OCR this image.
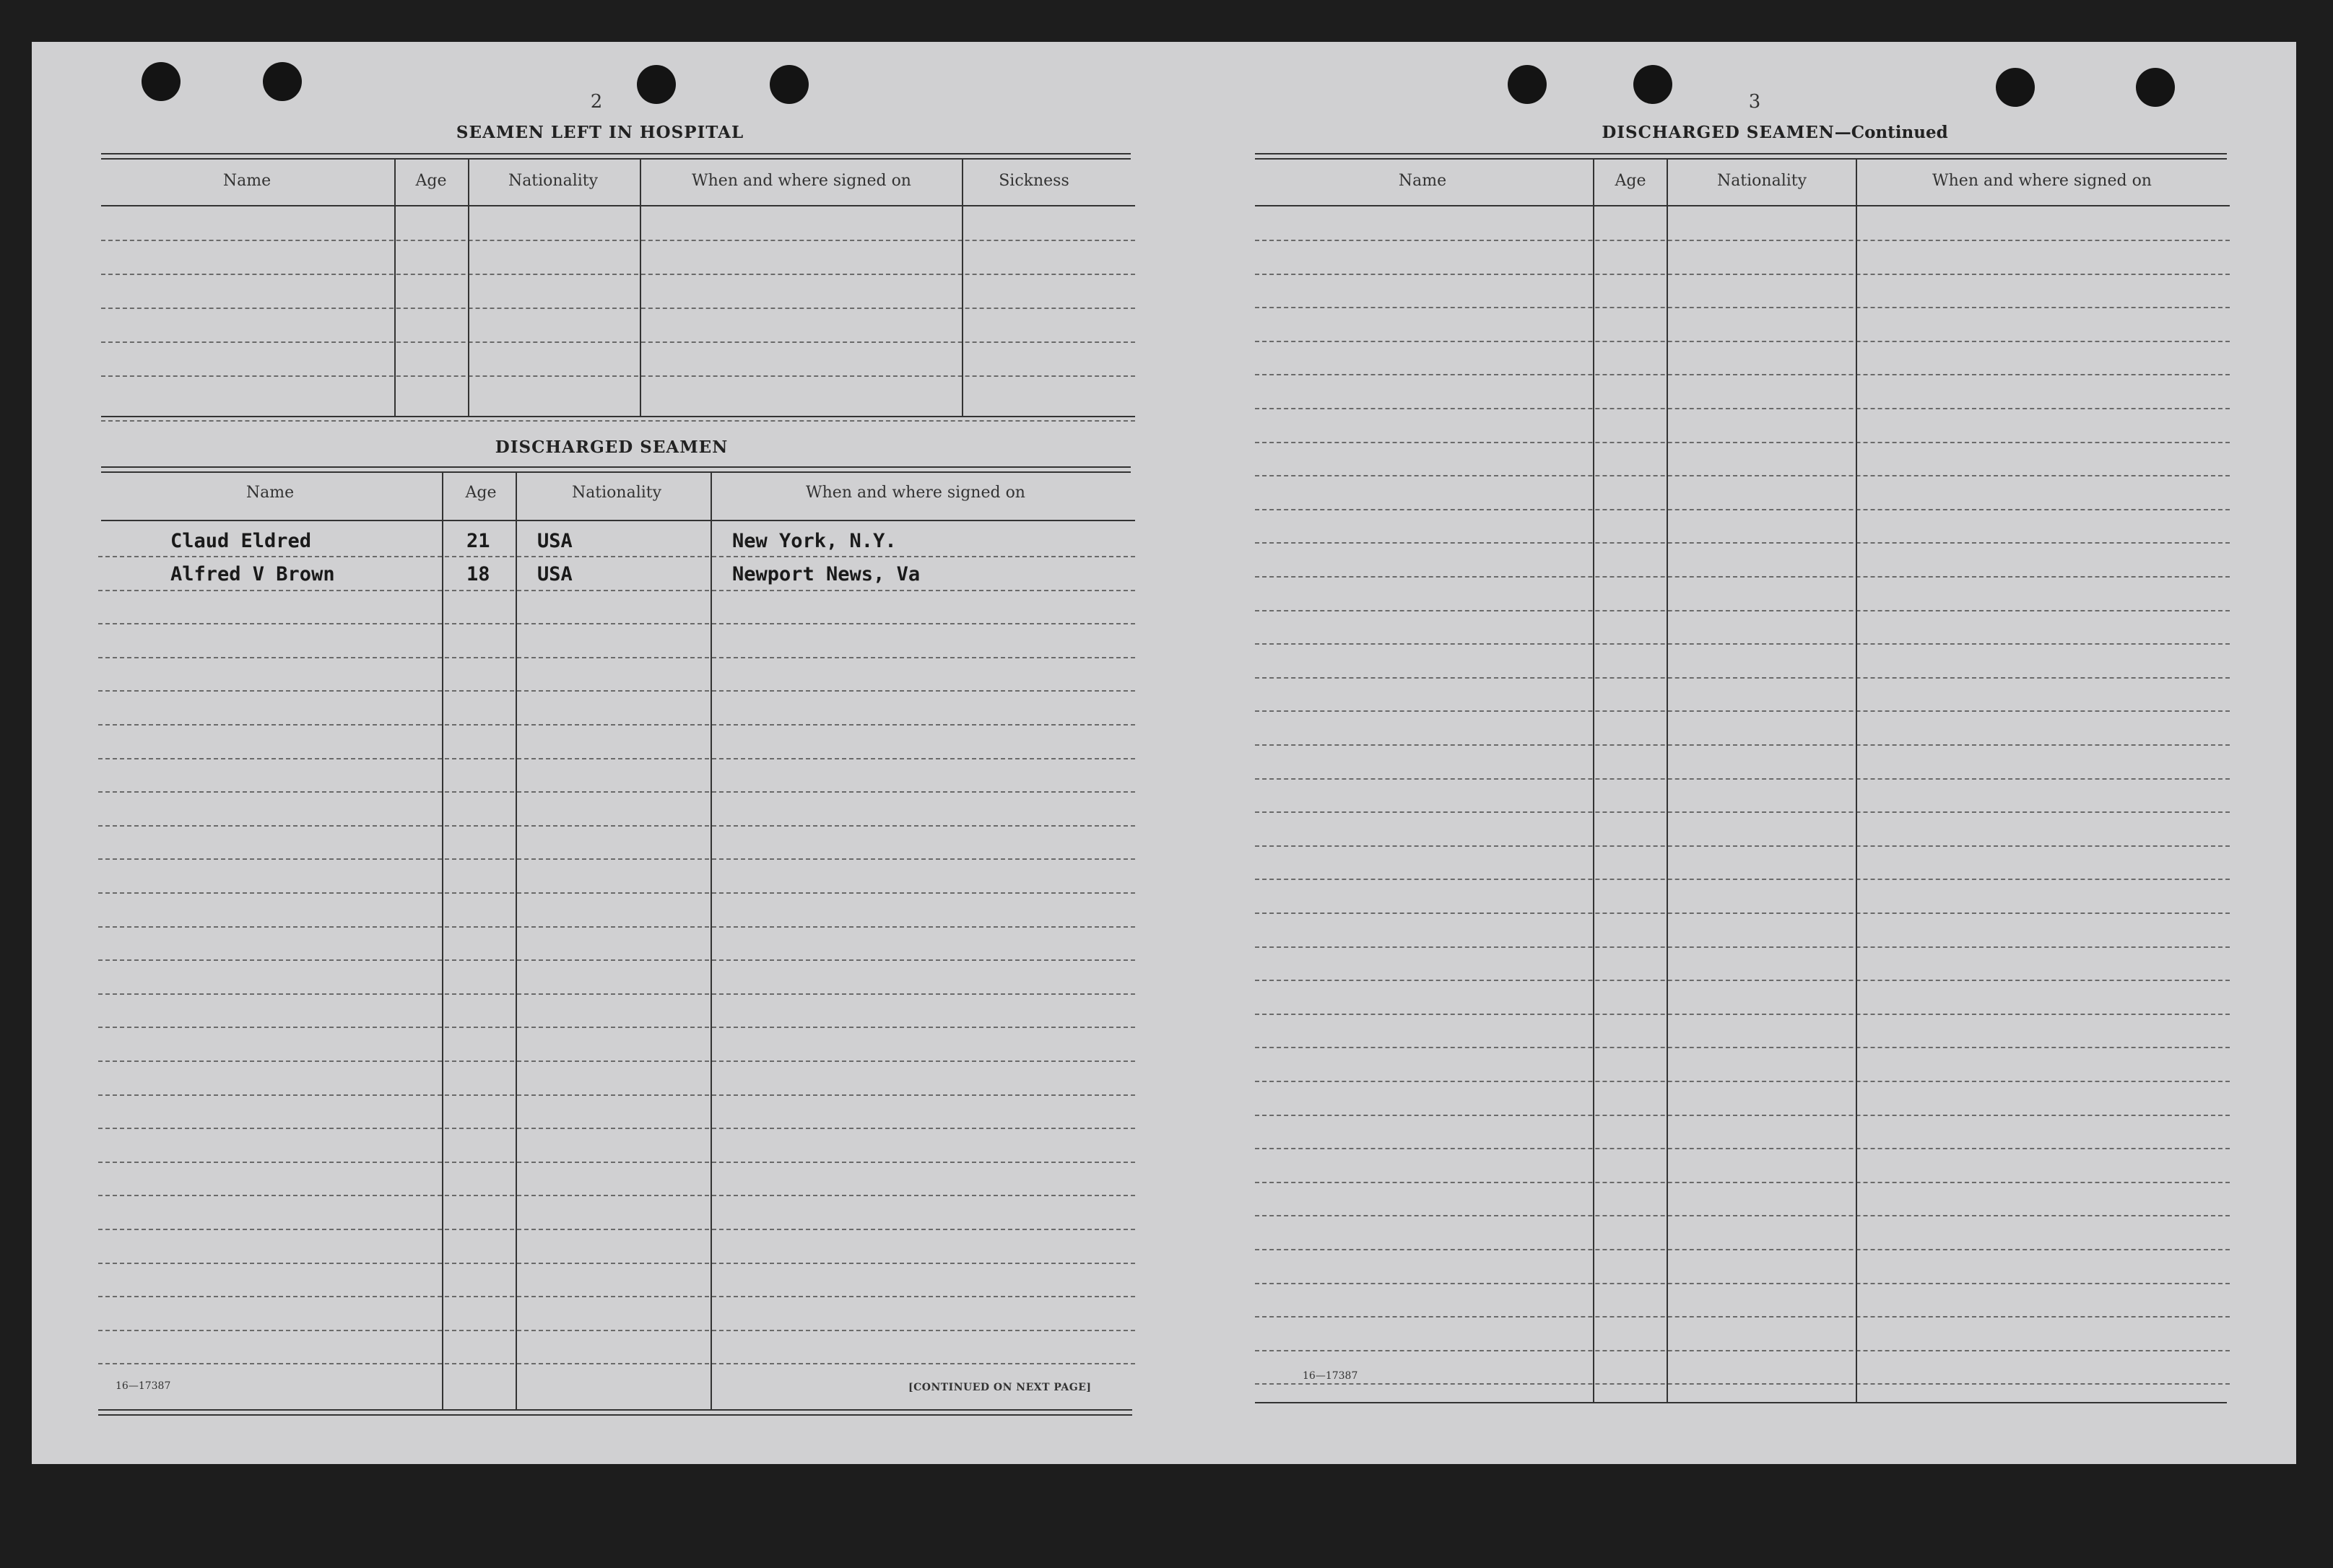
2
SEAMEN LEFT IN HOSPITAL
Name	Age	Nationality	When and where signed on	Sickness
DISCHARGED SEAMEN
Name	Age	Nationality	When and where signed on
Claud Eldred	21 USA	New York, N.Y.
Alfred V Brown	18 USA	Newport News, Va
16—17387	[CONTINUED ON NEXT PAGE]
3
DISCHARGED SEAMEN—Continued
Name	Age	Nationality	When and where signed on
16—17387
